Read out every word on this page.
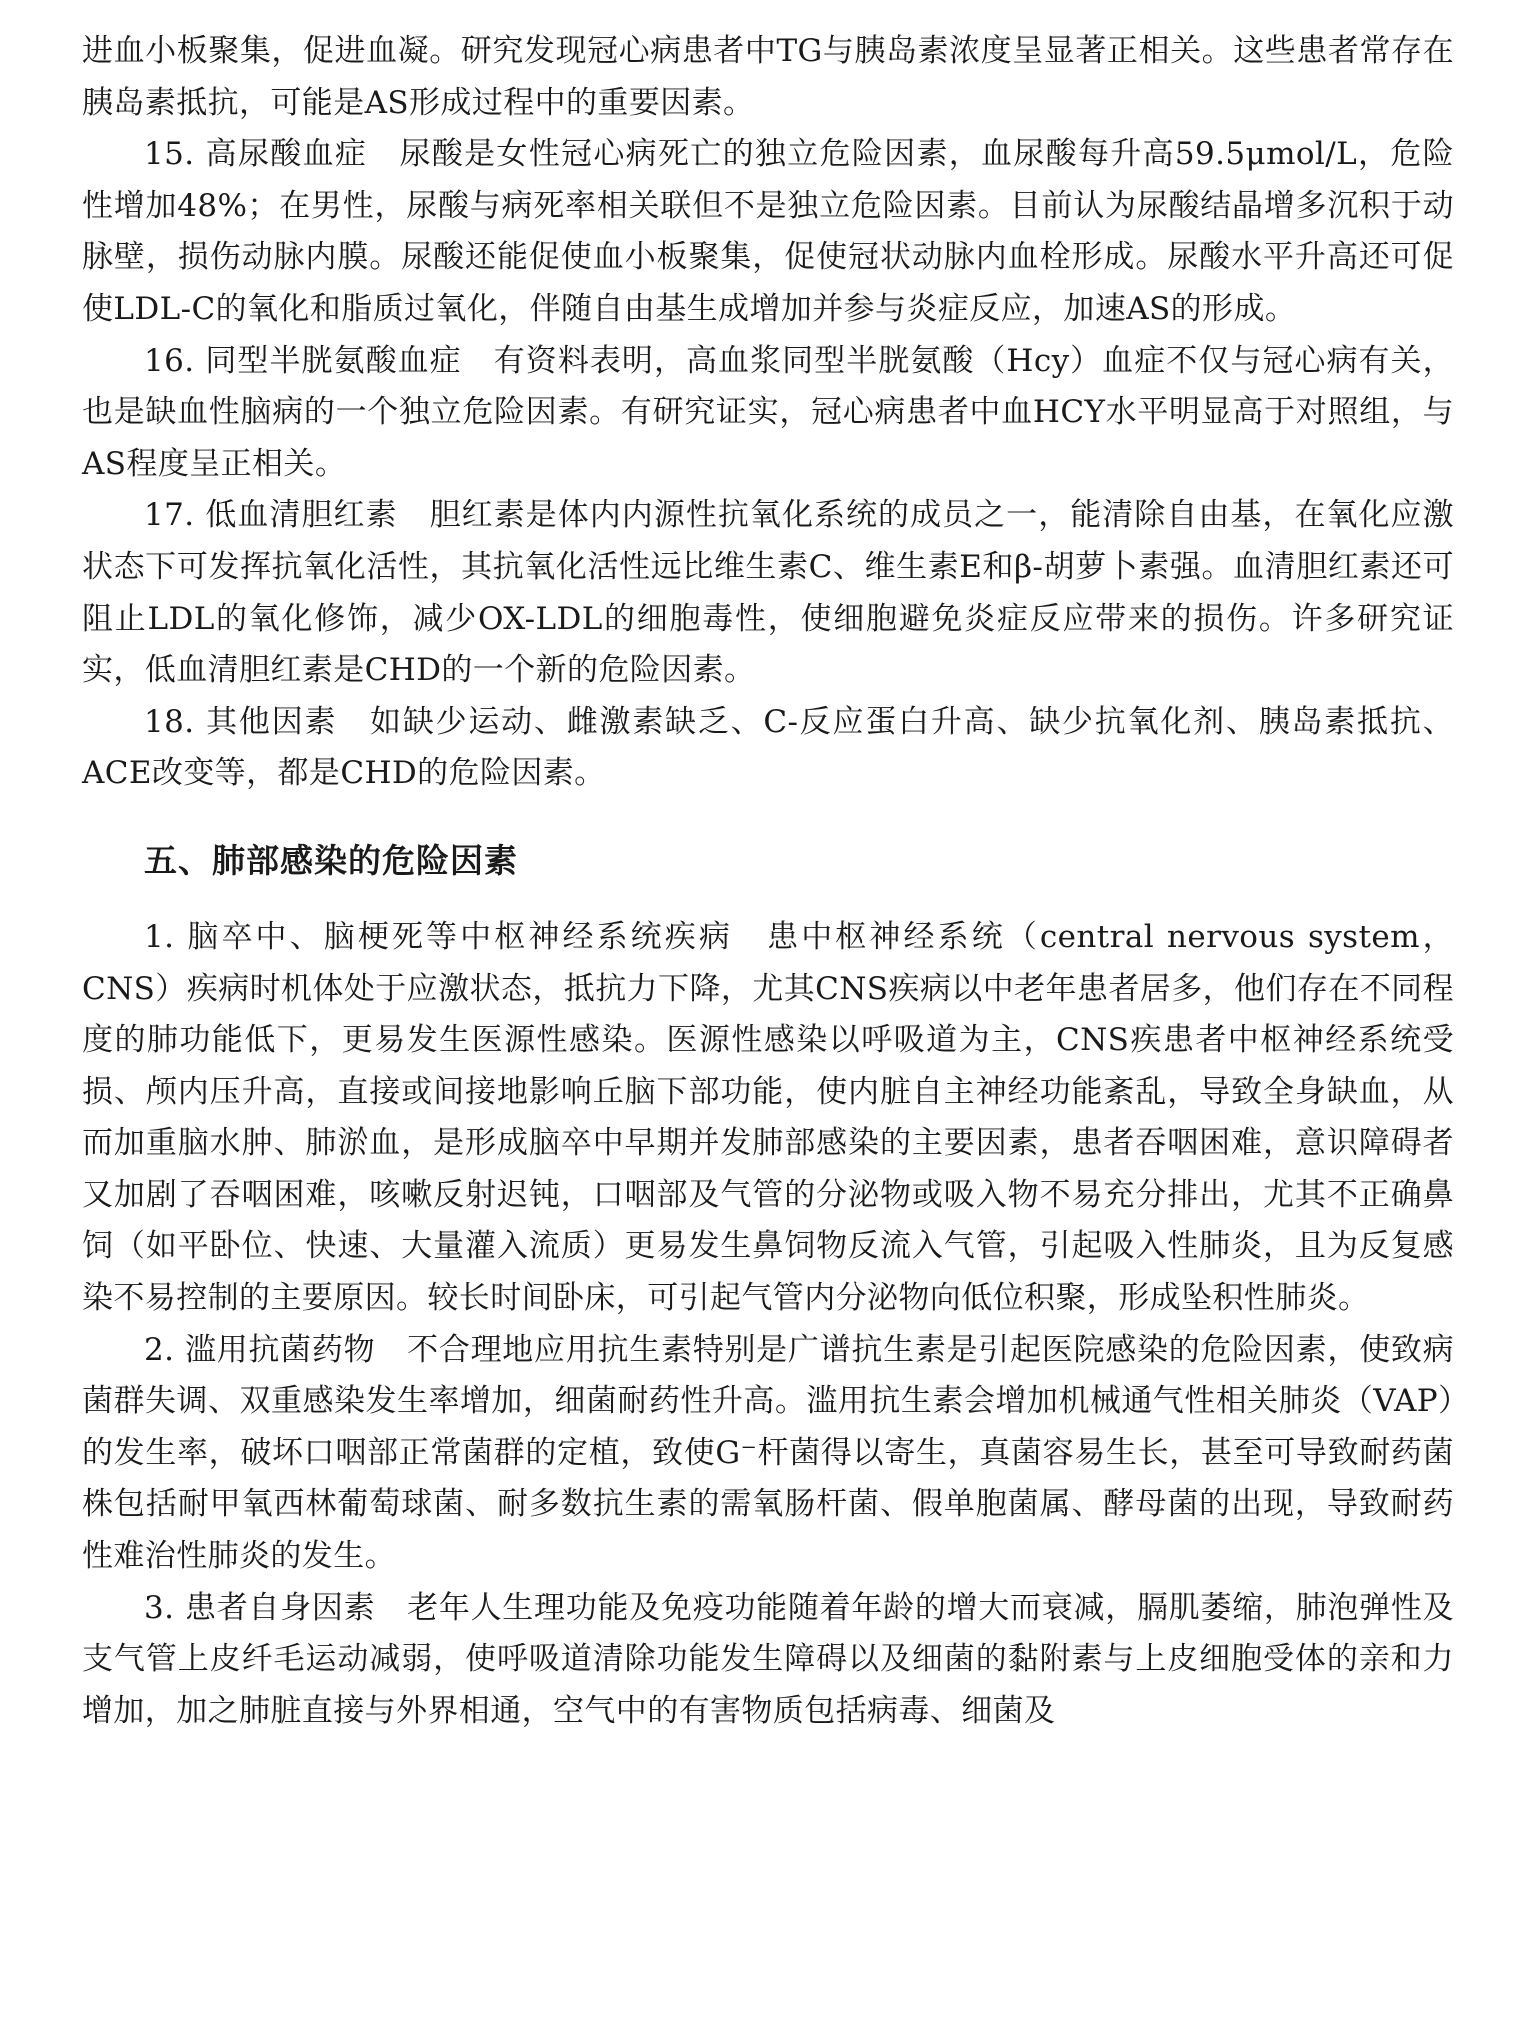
进血小板聚集，促进血凝。研究发现冠心病患者中TG与胰岛素浓度呈显著正相关。这些患者常存在胰岛素抵抗，可能是AS形成过程中的重要因素。

15. 高尿酸血症　尿酸是女性冠心病死亡的独立危险因素，血尿酸每升高59.5μmol/L，危险性增加48%；在男性，尿酸与病死率相关联但不是独立危险因素。目前认为尿酸结晶增多沉积于动脉壁，损伤动脉内膜。尿酸还能促使血小板聚集，促使冠状动脉内血栓形成。尿酸水平升高还可促使LDL-C的氧化和脂质过氧化，伴随自由基生成增加并参与炎症反应，加速AS的形成。

16. 同型半胱氨酸血症　有资料表明，高血浆同型半胱氨酸（Hcy）血症不仅与冠心病有关，也是缺血性脑病的一个独立危险因素。有研究证实，冠心病患者中血HCY水平明显高于对照组，与AS程度呈正相关。

17. 低血清胆红素　胆红素是体内内源性抗氧化系统的成员之一，能清除自由基，在氧化应激状态下可发挥抗氧化活性，其抗氧化活性远比维生素C、维生素E和β-胡萝卜素强。血清胆红素还可阻止LDL的氧化修饰，减少OX-LDL的细胞毒性，使细胞避免炎症反应带来的损伤。许多研究证实，低血清胆红素是CHD的一个新的危险因素。

18. 其他因素　如缺少运动、雌激素缺乏、C-反应蛋白升高、缺少抗氧化剂、胰岛素抵抗、ACE改变等，都是CHD的危险因素。

五、肺部感染的危险因素

1. 脑卒中、脑梗死等中枢神经系统疾病　患中枢神经系统（central nervous system，CNS）疾病时机体处于应激状态，抵抗力下降，尤其CNS疾病以中老年患者居多，他们存在不同程度的肺功能低下，更易发生医源性感染。医源性感染以呼吸道为主，CNS疾患者中枢神经系统受损、颅内压升高，直接或间接地影响丘脑下部功能，使内脏自主神经功能紊乱，导致全身缺血，从而加重脑水肿、肺淤血，是形成脑卒中早期并发肺部感染的主要因素，患者吞咽困难，意识障碍者又加剧了吞咽困难，咳嗽反射迟钝，口咽部及气管的分泌物或吸入物不易充分排出，尤其不正确鼻饲（如平卧位、快速、大量灌入流质）更易发生鼻饲物反流入气管，引起吸入性肺炎，且为反复感染不易控制的主要原因。较长时间卧床，可引起气管内分泌物向低位积聚，形成坠积性肺炎。

2. 滥用抗菌药物　不合理地应用抗生素特别是广谱抗生素是引起医院感染的危险因素，使致病菌群失调、双重感染发生率增加，细菌耐药性升高。滥用抗生素会增加机械通气性相关肺炎（VAP）的发生率，破坏口咽部正常菌群的定植，致使G⁻杆菌得以寄生，真菌容易生长，甚至可导致耐药菌株包括耐甲氧西林葡萄球菌、耐多数抗生素的需氧肠杆菌、假单胞菌属、酵母菌的出现，导致耐药性难治性肺炎的发生。

3. 患者自身因素　老年人生理功能及免疫功能随着年龄的增大而衰减，膈肌萎缩，肺泡弹性及支气管上皮纤毛运动减弱，使呼吸道清除功能发生障碍以及细菌的黏附素与上皮细胞受体的亲和力增加，加之肺脏直接与外界相通，空气中的有害物质包括病毒、细菌及
